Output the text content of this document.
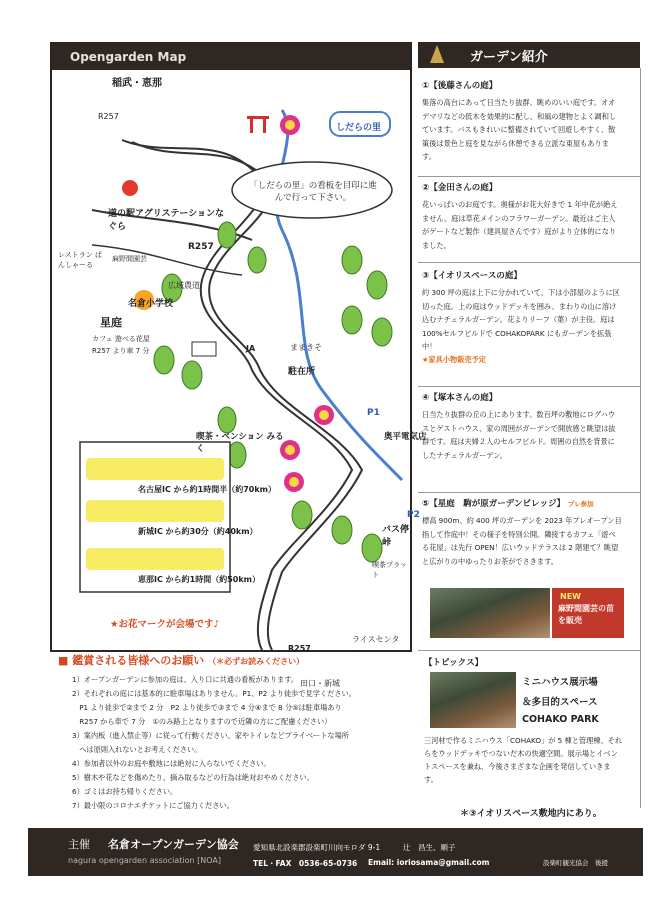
Opengarden Map
稲武・恵那
R257
しだらの里
「しだらの里」の看板を目印に進んで行って下さい。
道の駅アグリステーションなぐら
レストラン ぱんしゃーる
麻野間園芸
R257
広域農道
名倉小学校
星庭
カフェ 遊べる花屋
R257 より車 7 分	JA	ままきそ
駐在所
喫茶・ペンション みるく
奥平電気店
P1
P2
バス停峠
喫茶プラット
ライスセンター
R257
田口・新城
名古屋IC から約1時間半（約70km）
新城IC から約30分（約40km）
恵那IC から約1時間（約50km）
★お花マークが会場です♪
ガーデン紹介
①【後藤さんの庭】
集落の高台にあって日当たり抜群、眺めのいい庭です。オオデマリなどの低木を効果的に配し、和風の建物とよく調和しています。バスもきれいに整備されていて回遊しやすく、散策後は景色と庭を見ながら休憩できる立派な東屋もあります。
②【金田さんの庭】
花いっぱいのお庭です。奥様がお花大好きで 1 年中花が絶えません。庭は草花メインのフラワーガーデン。最近はご主人がゲートなど製作（建具屋さんです）庭がより立体的になりました。
③【イオリスペースの庭】
約 300 坪の庭は上下に分かれていて、下は小部屋のように区切った庭。上の庭はウッドデッキを囲み、まわりの山に溶け込むナチュラルガーデン。花よりリーフ（葉）が主役。庭は 100%セルフビルドで COHAKOPARK にもガーデンを拡張中！
★家具小物販売予定
④【塚本さんの庭】
日当たり抜群の丘の上にあります。数百坪の敷地にログハウスとゲストハウス、家の周囲がガーデンで開放感と眺望は抜群です。庭は夫婦２人のセルフビルド。周囲の自然を背景にしたナチュラルガーデン。
⑤【星庭　駒が原ガーデンビレッジ】 プレ参加
標高 900m、約 400 坪のガーデンを 2023 年プレオープン目指して作庭中！その様子を特別公開。隣接するカフェ「遊べる花屋」は先行 OPEN！広いウッドテラスは 2 階建て？眺望と広がりの中ゆったりお茶がでさきます。
NEW
麻野間園芸の苗を販売
【トピックス】
ミニハウス展示場
＆多目的スペース
COHAKO PARK
三河材で作るミニハウス「COHAKO」が 5 棟と管理棟、それらをウッドデッキでつないだ木の快適空間。展示場とイベントスペースを兼ね、今後さまざまな企画を発信していきます。
＊③イオリスペース敷地内にあり。
■ 鑑賞される皆様へのお願い （＊必ずお読みください）
1）オープンガーデンに参加の庭は、入り口に共通の看板があります。
2）それぞれの庭には基本的に駐車場はありません。P1、P2 より徒歩で見学ください。
　P1 より徒歩で②まで 2 分　P2 より徒歩で③まで 4 分④まで 8 分⑤は駐車場あり
　R257 から車で 7 分　①のみ路上となりますので近隣の方にご配慮ください）
3）案内板（進入禁止等）に従って行動ください。家やトイレなどプライベートな場所
　へは原則入れないとお考えください。
4）参加者以外のお庭や敷地には絶対に入らないでください。
5）樹木や花などを傷めたり、摘み取るなどの行為は絶対おやめください。
6）ゴミはお持ち帰りください。
7）最小限のコロナエチケットにご協力ください。
主催 名倉オープンガーデン協会
nagura opengarden association [NOA]
愛知県北設楽郡設楽町川向モロダ 9-1	辻　昌生、順子
TEL・FAX　0536-65-0736 Email: ioriosama@gmail.com	設楽町観光協会　後援
